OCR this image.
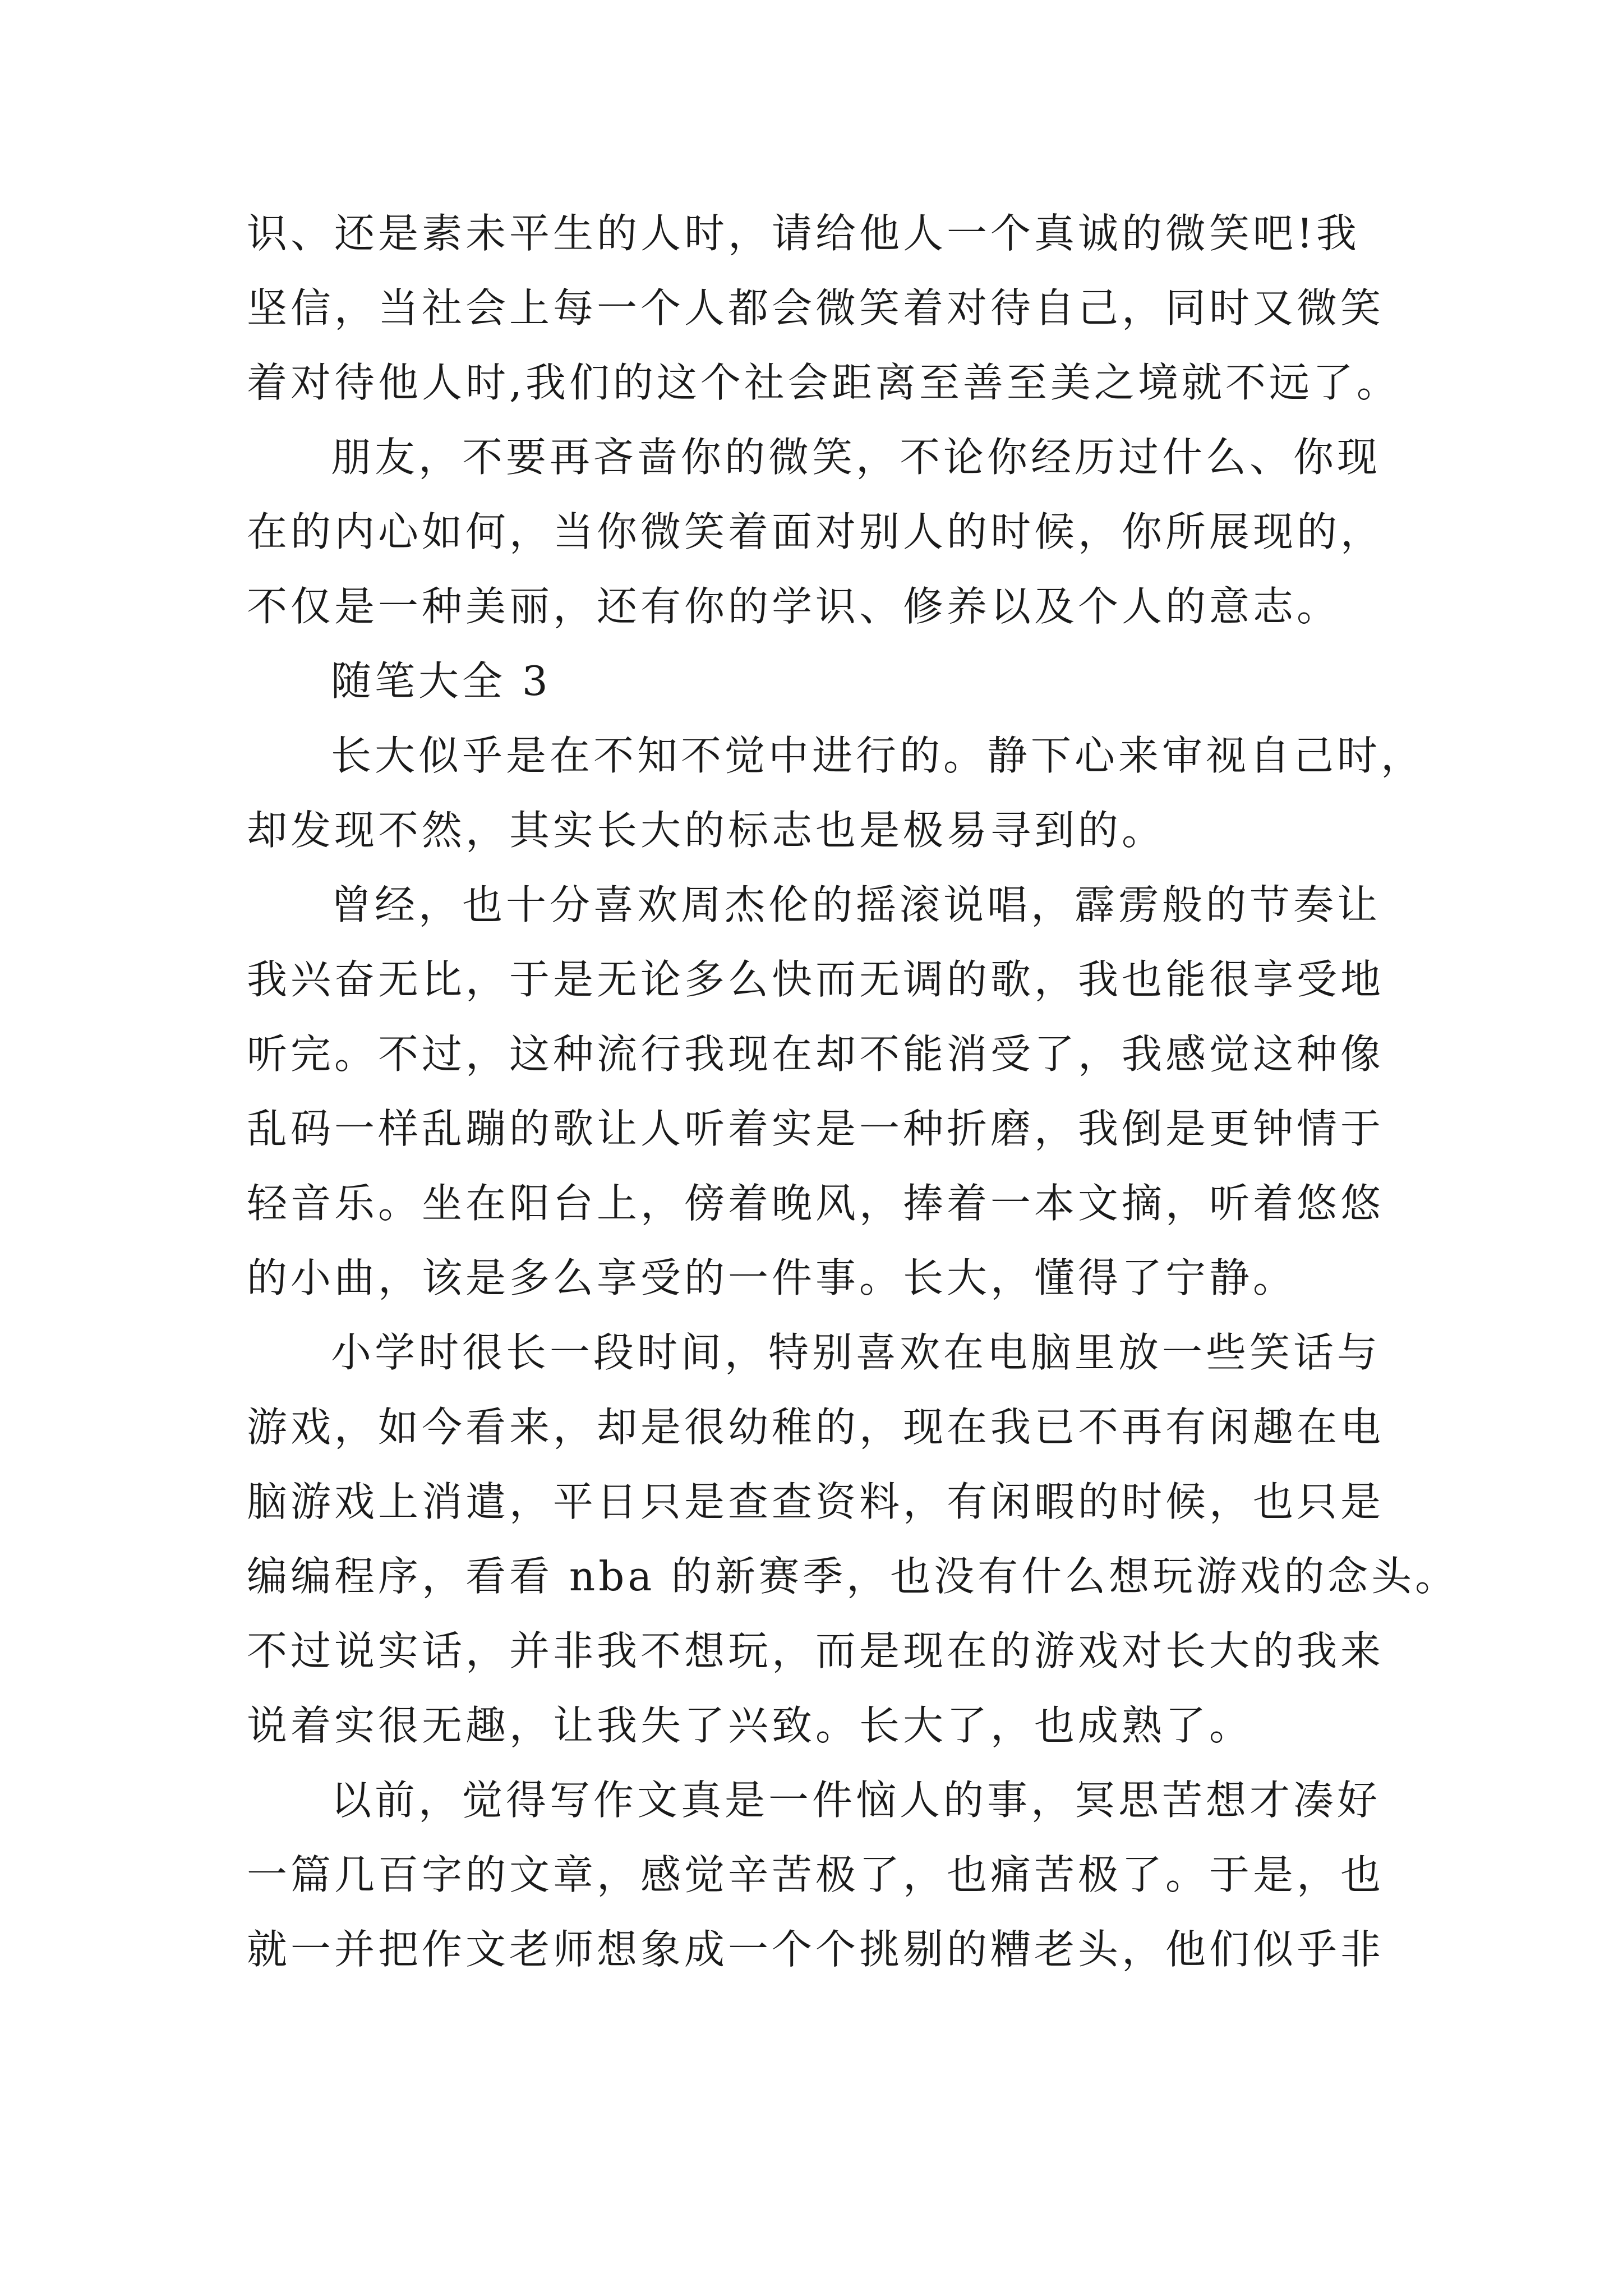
识、还是素未平生的人时，请给他人一个真诚的微笑吧!我
坚信，当社会上每一个人都会微笑着对待自己，同时又微笑
着对待他人时,我们的这个社会距离至善至美之境就不远了。
朋友，不要再吝啬你的微笑，不论你经历过什么、你现
在的内心如何，当你微笑着面对别人的时候，你所展现的，
不仅是一种美丽，还有你的学识、修养以及个人的意志。
随笔大全 3
长大似乎是在不知不觉中进行的。静下心来审视自己时，
却发现不然，其实长大的标志也是极易寻到的。
曾经，也十分喜欢周杰伦的摇滚说唱，霹雳般的节奏让
我兴奋无比，于是无论多么快而无调的歌，我也能很享受地
听完。不过，这种流行我现在却不能消受了，我感觉这种像
乱码一样乱蹦的歌让人听着实是一种折磨，我倒是更钟情于
轻音乐。坐在阳台上，傍着晚风，捧着一本文摘，听着悠悠
的小曲，该是多么享受的一件事。长大，懂得了宁静。
小学时很长一段时间，特别喜欢在电脑里放一些笑话与
游戏，如今看来，却是很幼稚的，现在我已不再有闲趣在电
脑游戏上消遣，平日只是查查资料，有闲暇的时候，也只是
编编程序，看看 nba 的新赛季，也没有什么想玩游戏的念头。
不过说实话，并非我不想玩，而是现在的游戏对长大的我来
说着实很无趣，让我失了兴致。长大了，也成熟了。
以前，觉得写作文真是一件恼人的事，冥思苦想才凑好
一篇几百字的文章，感觉辛苦极了，也痛苦极了。于是，也
就一并把作文老师想象成一个个挑剔的糟老头，他们似乎非
